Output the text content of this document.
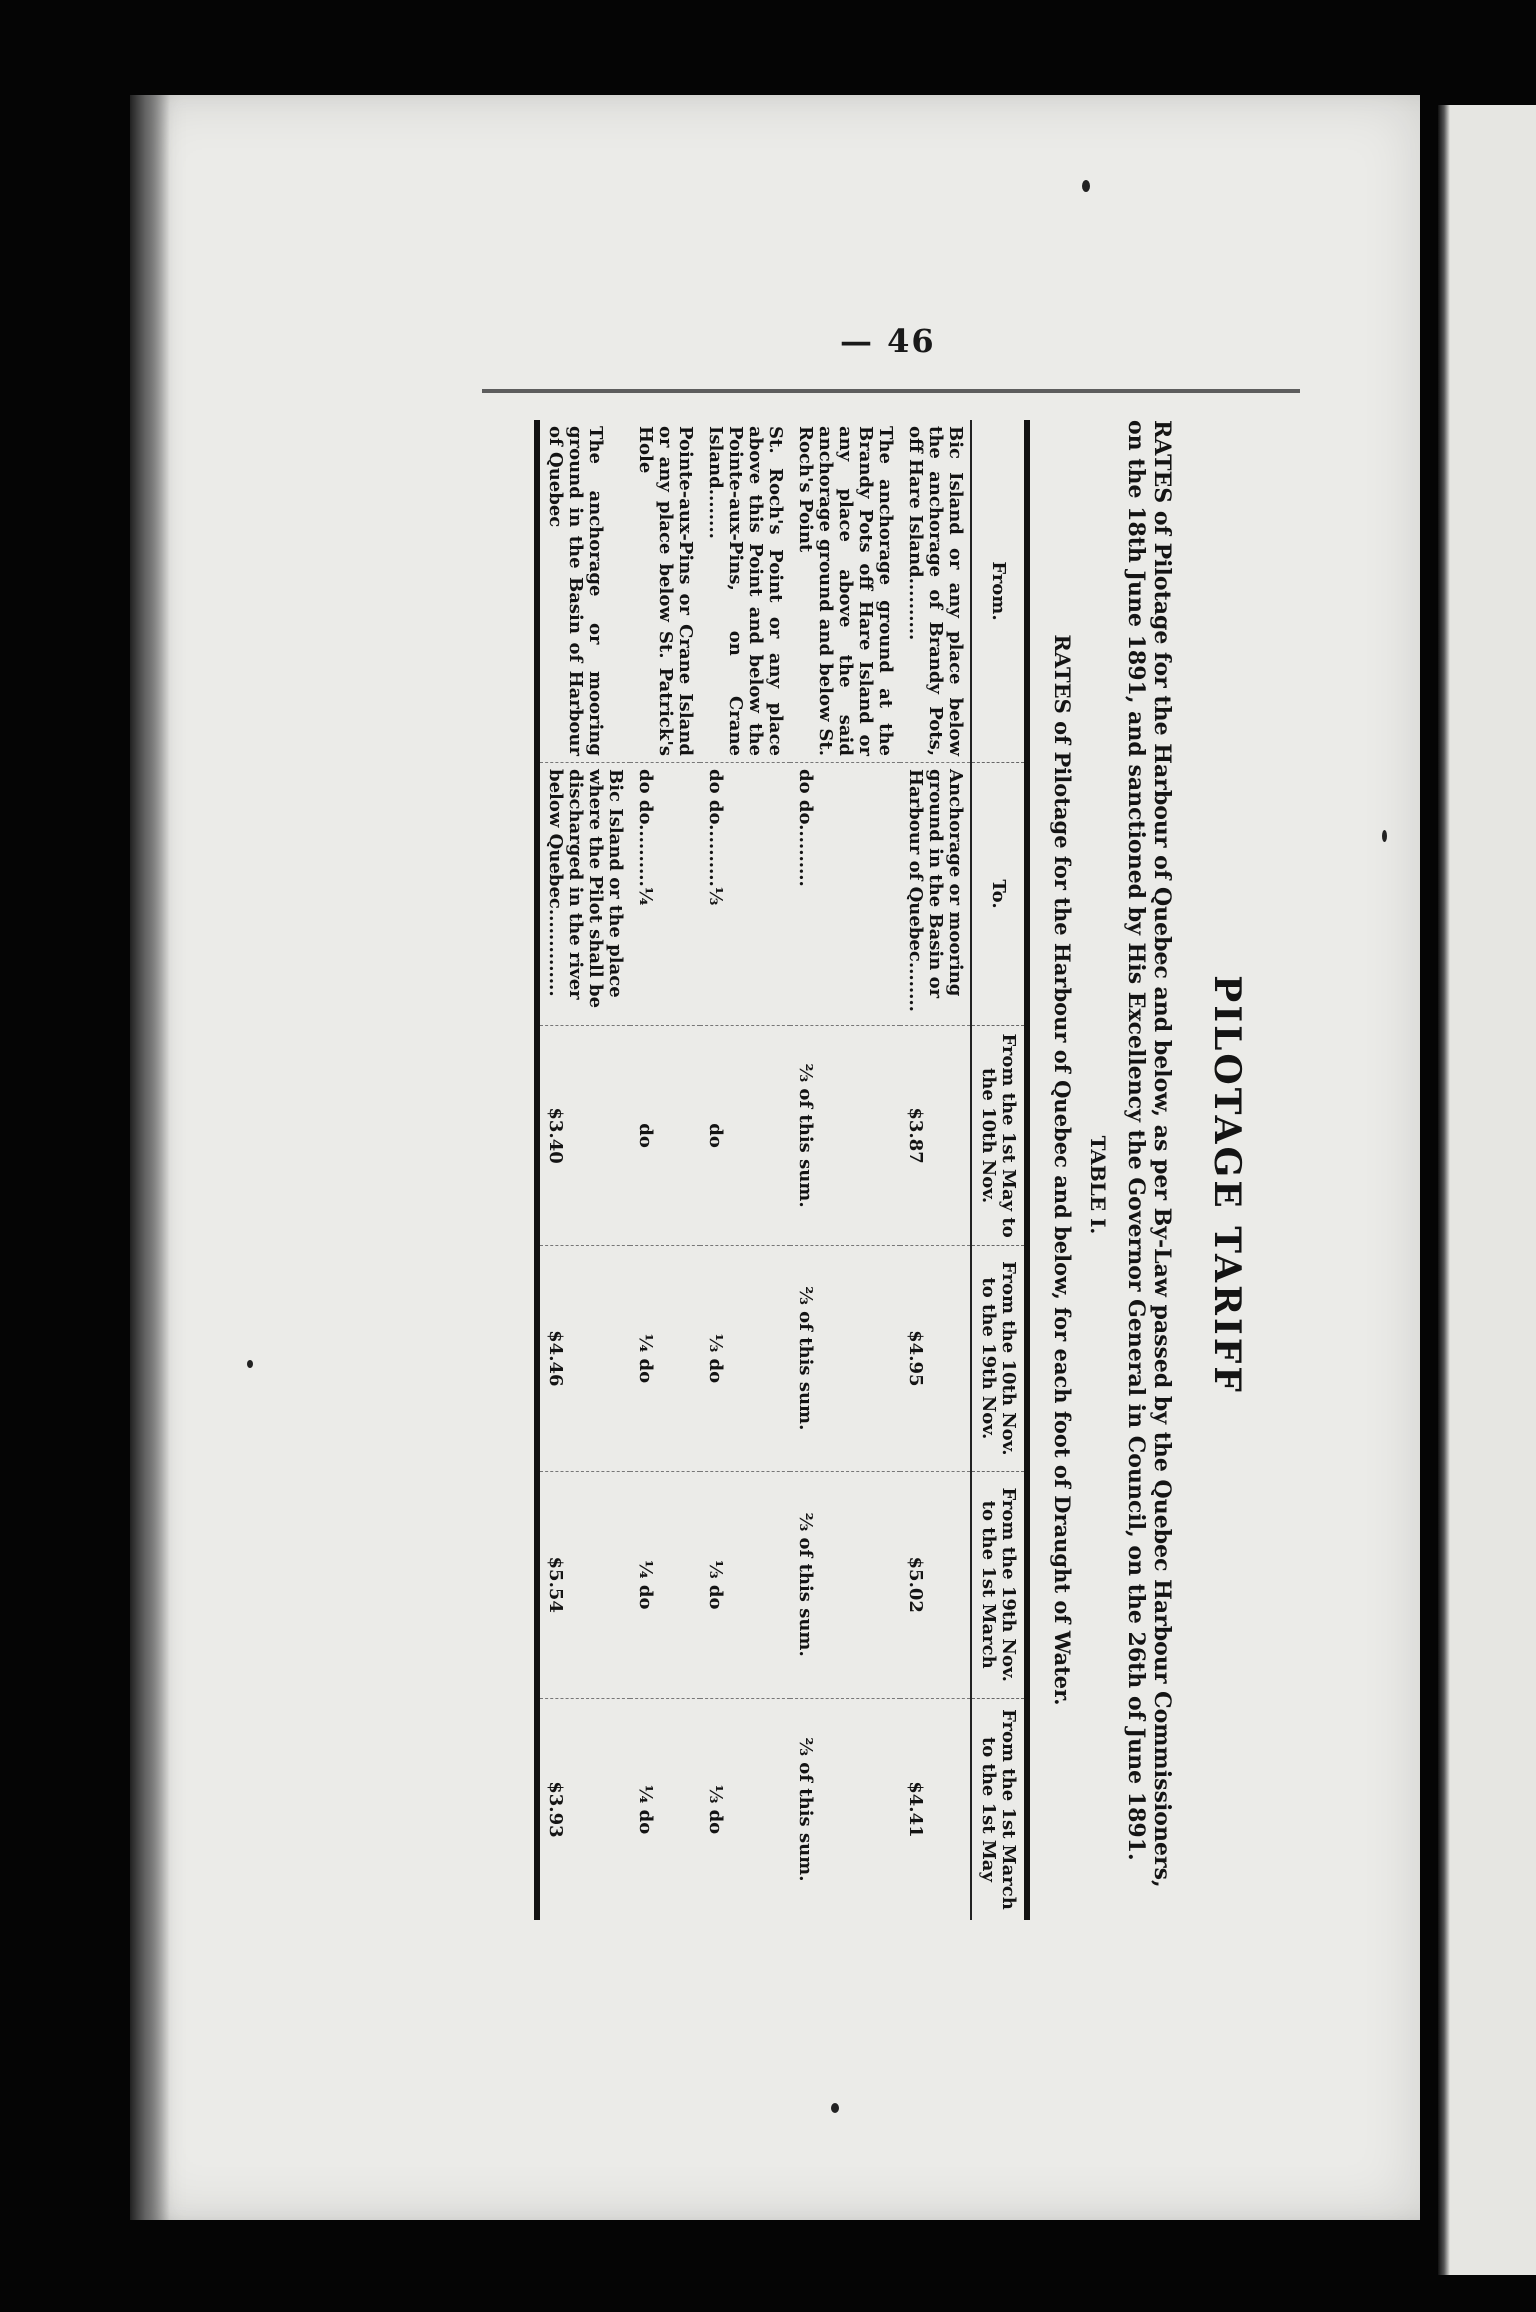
— 46
PILOTAGE TARIFF
RATES of Pilotage for the Harbour of Quebec and below, as per By-Law passed by the Quebec Harbour Commissioners, on the 18th June 1891, and sanctioned by His Excellency the Governor General in Council, on the 26th of June 1891.
TABLE I.
RATES of Pilotage for the Harbour of Quebec and below, for each foot of Draught of Water.
From.	To.	From the 1st May to the 10th Nov.	From the 10th Nov. to the 19th Nov.	From the 19th Nov. to the 1st March	From the 1st March to the 1st May
Bic Island or any place below the anchorage of Brandy Pots, off Hare Island..........	Anchorage or mooring ground in the Basin or Harbour of Quebec........	$3.87	$4.95	$5.02	$4.41
The anchorage ground at the Brandy Pots off Hare Island or any place above the said anchorage ground and below St. Roch's Point	do do..........	⅔ of this sum.	⅔ of this sum.	⅔ of this sum.	⅔ of this sum.
St. Roch's Point or any place above this Point and below the Pointe-aux-Pins, on Crane Island........	do do..........⅓	do	⅓ do	⅓ do	⅓ do
Pointe-aux-Pins or Crane Island or any place below St. Patrick's Hole	do do..........¼	do	¼ do	¼ do	¼ do
The anchorage or mooring ground in the Basin of Harbour of Quebec	Bic Island or the place where the Pilot shall be discharged in the river below Quebec..............	$3.40	$4.46	$5.54	$3.93
